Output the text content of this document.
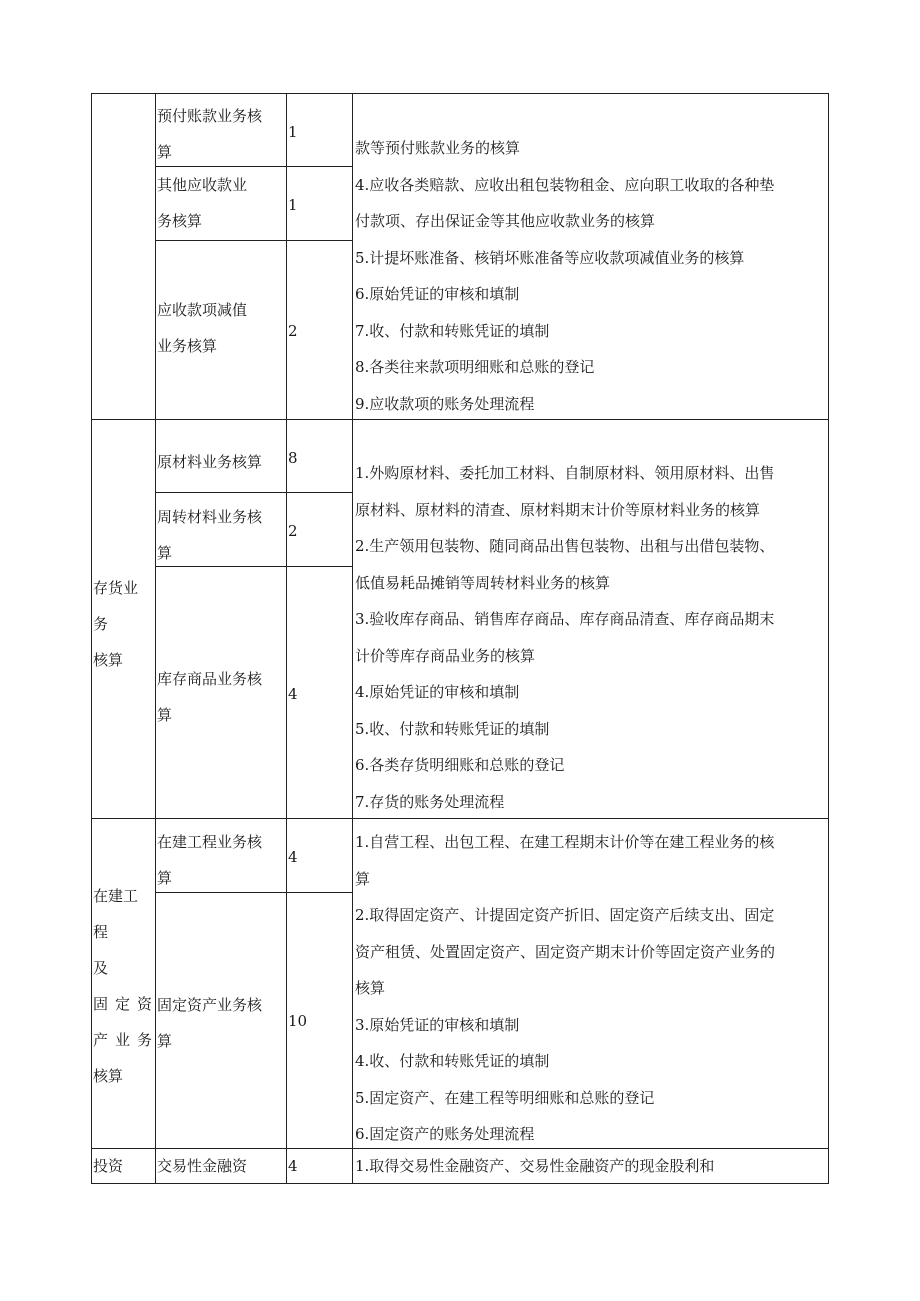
预付账款业务核
算
1
其他应收款业
务核算
1
应收款项减值
业务核算
2
款等预付账款业务的核算
4.应收各类赔款、应收出租包装物租金、应向职工收取的各种垫
付款项、存出保证金等其他应收款业务的核算
5.计提坏账准备、核销坏账准备等应收款项减值业务的核算
6.原始凭证的审核和填制
7.收、付款和转账凭证的填制
8.各类往来款项明细账和总账的登记
9.应收款项的账务处理流程
存货业
务
核算
原材料业务核算 8
周转材料业务核
算
2
库存商品业务核
算
4
1.外购原材料、委托加工材料、自制原材料、领用原材料、出售
原材料、原材料的清查、原材料期末计价等原材料业务的核算
2.生产领用包装物、随同商品出售包装物、出租与出借包装物、
低值易耗品摊销等周转材料业务的核算
3.验收库存商品、销售库存商品、库存商品清查、库存商品期末
计价等库存商品业务的核算
4.原始凭证的审核和填制
5.收、付款和转账凭证的填制
6.各类存货明细账和总账的登记
7.存货的账务处理流程
在建工
程
及
固定资
产业务
核算
在建工程业务核
算
4
固定资产业务核
算
10
1.自营工程、出包工程、在建工程期末计价等在建工程业务的核
算
2.取得固定资产、计提固定资产折旧、固定资产后续支出、固定
资产租赁、处置固定资产、固定资产期末计价等固定资产业务的
核算
3.原始凭证的审核和填制
4.收、付款和转账凭证的填制
5.固定资产、在建工程等明细账和总账的登记
6.固定资产的账务处理流程
投资 交易性金融资	4	1.取得交易性金融资产、交易性金融资产的现金股利和
